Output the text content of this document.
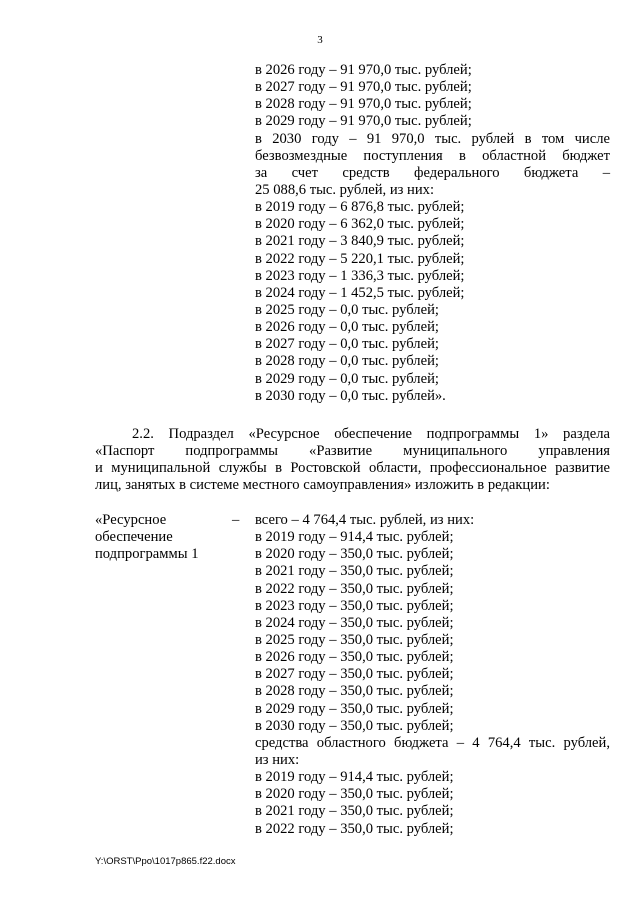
3
в 2026 году – 91 970,0 тыс. рублей;
в 2027 году – 91 970,0 тыс. рублей;
в 2028 году – 91 970,0 тыс. рублей;
в 2029 году – 91 970,0 тыс. рублей;
в 2030 году – 91 970,0 тыс. рублей в том числе
безвозмездные поступления в областной бюджет
за счет средств федерального бюджета –
25 088,6 тыс. рублей, из них:
в 2019 году – 6 876,8 тыс. рублей;
в 2020 году – 6 362,0 тыс. рублей;
в 2021 году – 3 840,9 тыс. рублей;
в 2022 году – 5 220,1 тыс. рублей;
в 2023 году – 1 336,3 тыс. рублей;
в 2024 году – 1 452,5 тыс. рублей;
в 2025 году – 0,0 тыс. рублей;
в 2026 году – 0,0 тыс. рублей;
в 2027 году – 0,0 тыс. рублей;
в 2028 году – 0,0 тыс. рублей;
в 2029 году – 0,0 тыс. рублей;
в 2030 году – 0,0 тыс. рублей».
2.2. Подраздел «Ресурсное обеспечение подпрограммы 1» раздела
«Паспорт подпрограммы «Развитие муниципального управления
и муниципальной службы в Ростовской области, профессиональное развитие
лиц, занятых в системе местного самоуправления» изложить в редакции:
«Ресурсное
обеспечение
подпрограммы 1
– всего – 4 764,4 тыс. рублей, из них:
в 2019 году – 914,4 тыс. рублей;
в 2020 году – 350,0 тыс. рублей;
в 2021 году – 350,0 тыс. рублей;
в 2022 году – 350,0 тыс. рублей;
в 2023 году – 350,0 тыс. рублей;
в 2024 году – 350,0 тыс. рублей;
в 2025 году – 350,0 тыс. рублей;
в 2026 году – 350,0 тыс. рублей;
в 2027 году – 350,0 тыс. рублей;
в 2028 году – 350,0 тыс. рублей;
в 2029 году – 350,0 тыс. рублей;
в 2030 году – 350,0 тыс. рублей;
средства областного бюджета – 4 764,4 тыс. рублей,
из них:
в 2019 году – 914,4 тыс. рублей;
в 2020 году – 350,0 тыс. рублей;
в 2021 году – 350,0 тыс. рублей;
в 2022 году – 350,0 тыс. рублей;
Y:\ORST\Ppo\1017p865.f22.docx
